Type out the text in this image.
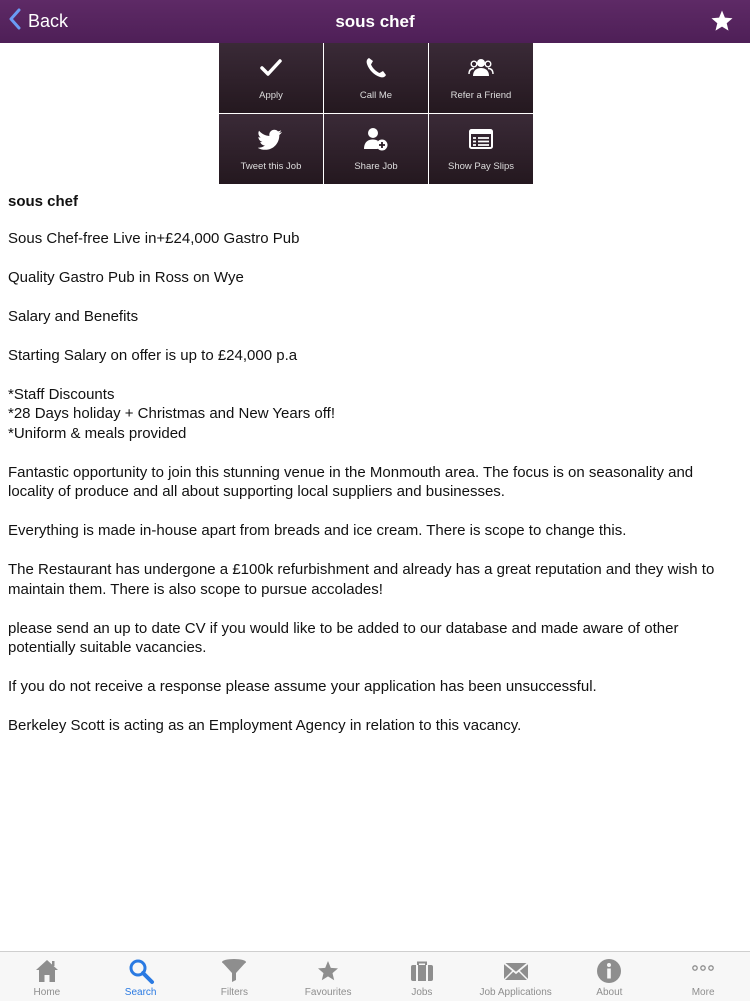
Back	sous chef
Apply	Call Me	Refer a Friend
Tweet this Job	Share Job	Show Pay Slips
sous chef

Sous Chef-free Live in+£24,000 Gastro Pub

Quality Gastro Pub in Ross on Wye

Salary and Benefits

Starting Salary on offer is up to £24,000 p.a

*Staff Discounts
*28 Days holiday + Christmas and New Years off!

*Uniform & meals provided

Fantastic opportunity to join this stunning venue in the Monmouth area. The focus is on seasonality and locality of produce and all about supporting local suppliers and businesses.

Everything is made in-house apart from breads and ice cream. There is scope to change this.

The Restaurant has undergone a £100k refurbishment and already has a great reputation and they wish to maintain them. There is also scope to pursue accolades!

please send an up to date CV if you would like to be added to our database and made aware of other potentially suitable vacancies.

If you do not receive a response please assume your application has been unsuccessful.

Berkeley Scott is acting as an Employment Agency in relation to this vacancy.

Home	Search	Filters	Favourites	Jobs	Job Applications	About	More
